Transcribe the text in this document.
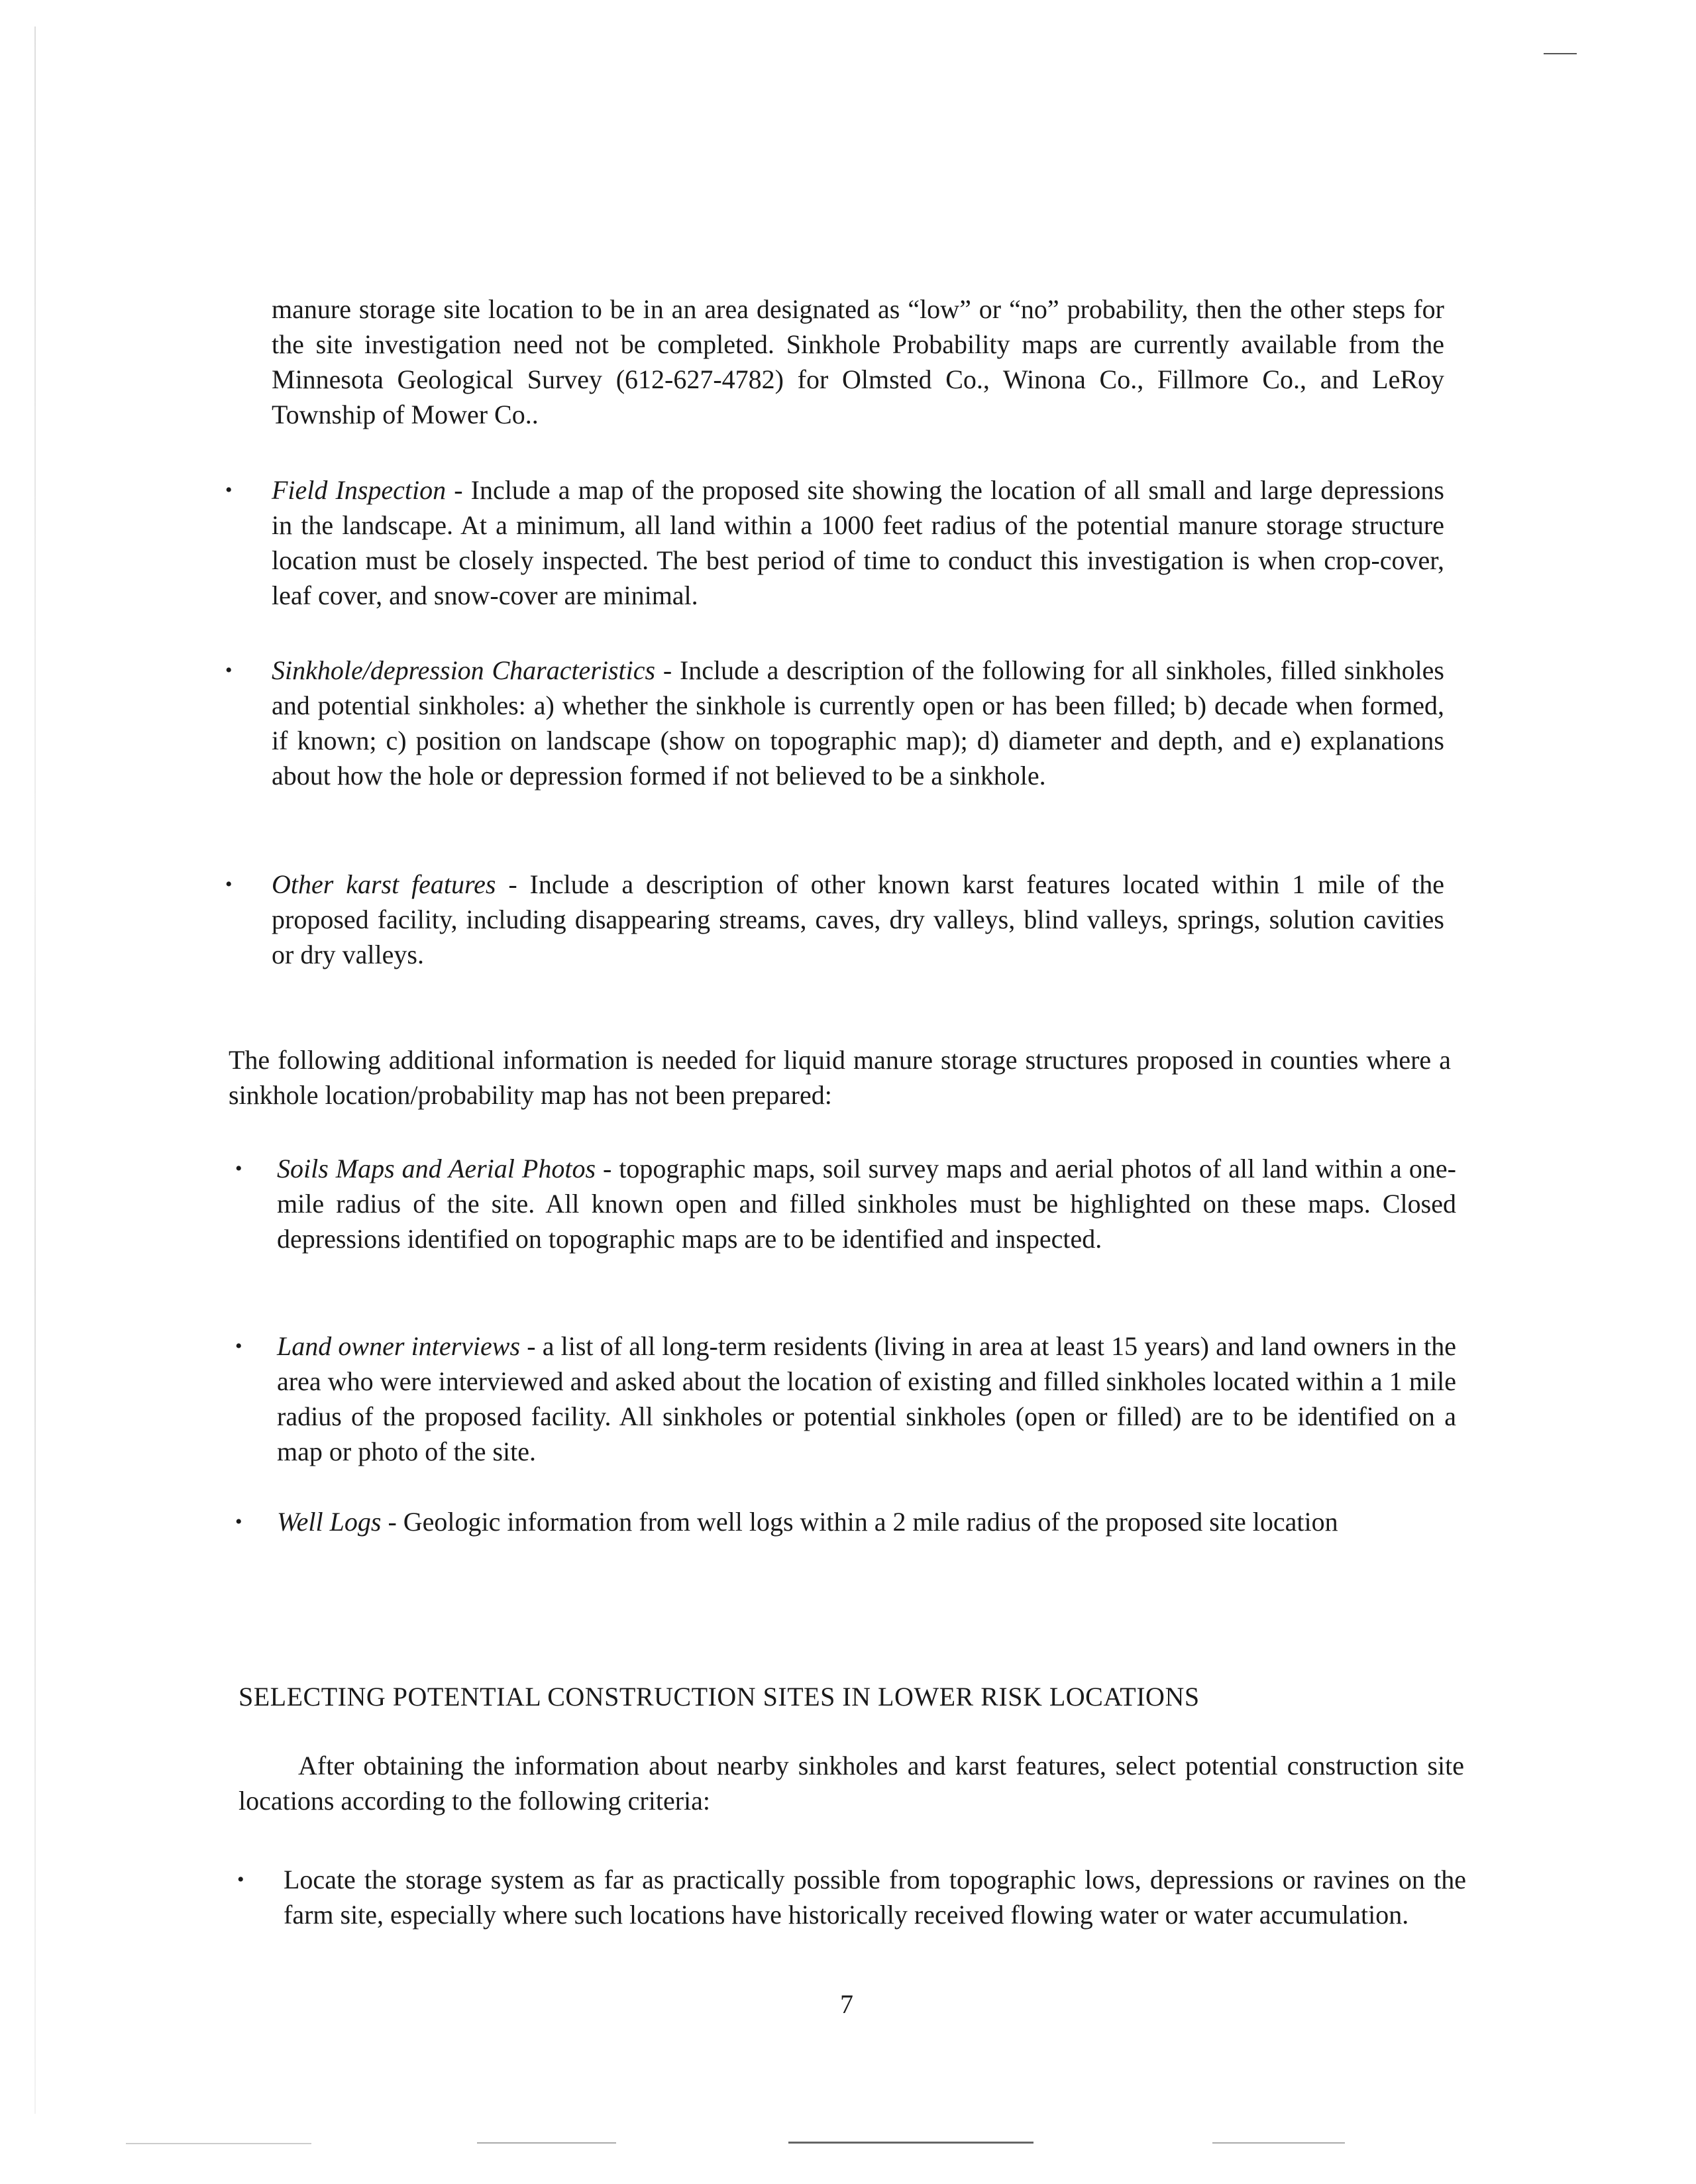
manure storage site location to be in an area designated as “low” or “no” probability, then the other steps for the site investigation need not be completed. Sinkhole Probability maps are currently available from the Minnesota Geological Survey (612-627-4782) for Olmsted Co., Winona Co., Fillmore Co., and LeRoy Township of Mower Co..
• Field Inspection - Include a map of the proposed site showing the location of all small and large depressions in the landscape. At a minimum, all land within a 1000 feet radius of the potential manure storage structure location must be closely inspected. The best period of time to conduct this investigation is when crop-cover, leaf cover, and snow-cover are minimal.
• Sinkhole/depression Characteristics - Include a description of the following for all sinkholes, filled sinkholes and potential sinkholes: a) whether the sinkhole is currently open or has been filled; b) decade when formed, if known; c) position on landscape (show on topographic map); d) diameter and depth, and e) explanations about how the hole or depression formed if not believed to be a sinkhole.
• Other karst features - Include a description of other known karst features located within 1 mile of the proposed facility, including disappearing streams, caves, dry valleys, blind valleys, springs, solution cavities or dry valleys.
The following additional information is needed for liquid manure storage structures proposed in counties where a sinkhole location/probability map has not been prepared:
• Soils Maps and Aerial Photos - topographic maps, soil survey maps and aerial photos of all land within a one-mile radius of the site. All known open and filled sinkholes must be highlighted on these maps. Closed depressions identified on topographic maps are to be identified and inspected.
• Land owner interviews - a list of all long-term residents (living in area at least 15 years) and land owners in the area who were interviewed and asked about the location of existing and filled sinkholes located within a 1 mile radius of the proposed facility. All sinkholes or potential sinkholes (open or filled) are to be identified on a map or photo of the site.
• Well Logs - Geologic information from well logs within a 2 mile radius of the proposed site location
SELECTING POTENTIAL CONSTRUCTION SITES IN LOWER RISK LOCATIONS
After obtaining the information about nearby sinkholes and karst features, select potential construction site locations according to the following criteria:
• Locate the storage system as far as practically possible from topographic lows, depressions or ravines on the farm site, especially where such locations have historically received flowing water or water accumulation.
7
